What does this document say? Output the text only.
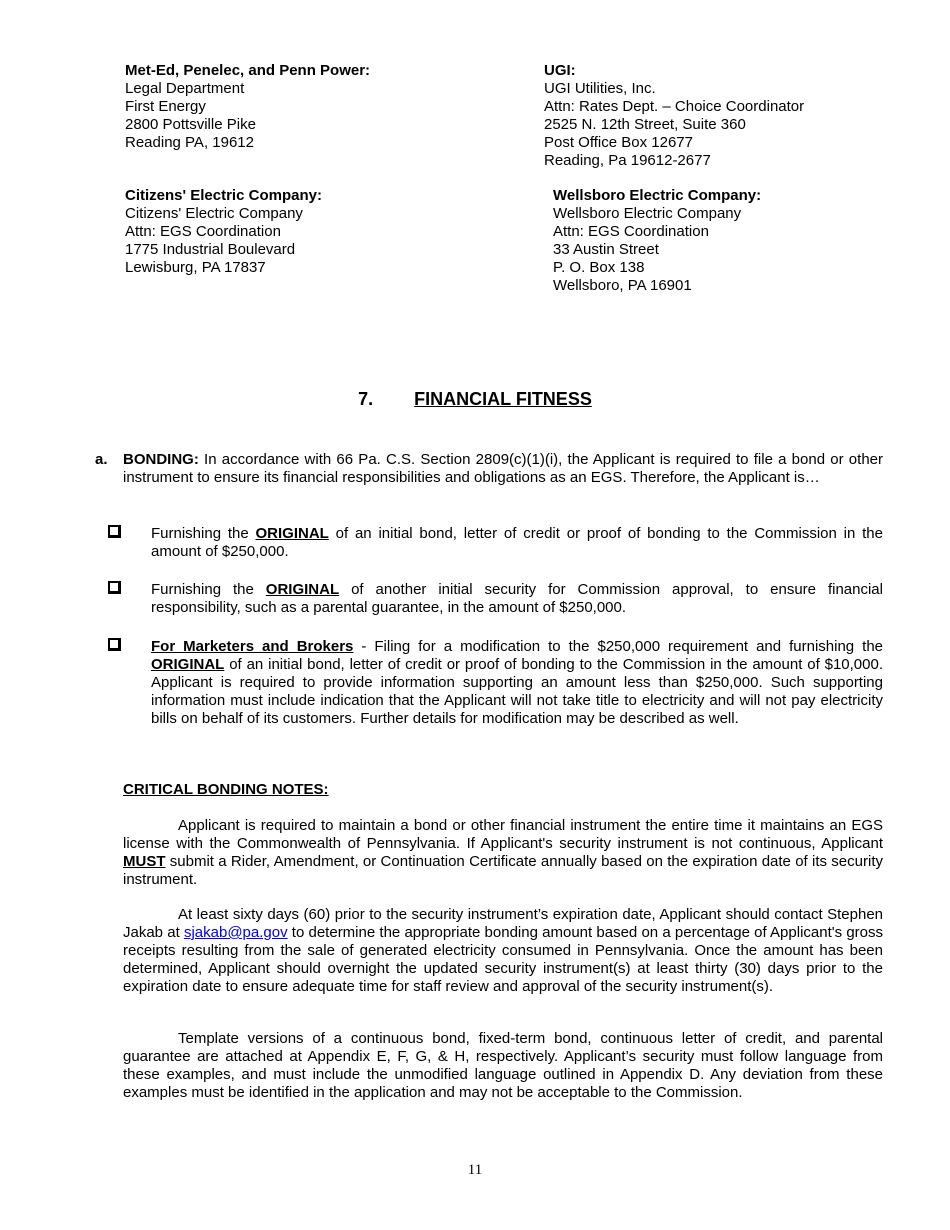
Met-Ed, Penelec, and Penn Power:
Legal Department
First Energy
2800 Pottsville Pike
Reading PA, 19612
UGI:
UGI Utilities, Inc.
Attn: Rates Dept. – Choice Coordinator
2525 N. 12th Street, Suite 360
Post Office Box 12677
Reading, Pa 19612-2677
Citizens' Electric Company:
Citizens' Electric Company
Attn: EGS Coordination
1775 Industrial Boulevard
Lewisburg, PA 17837
Wellsboro Electric Company:
Wellsboro Electric Company
Attn: EGS Coordination
33 Austin Street
P. O. Box 138
Wellsboro, PA 16901
7. FINANCIAL FITNESS
a. BONDING: In accordance with 66 Pa. C.S. Section 2809(c)(1)(i), the Applicant is required to file a bond or other instrument to ensure its financial responsibilities and obligations as an EGS. Therefore, the Applicant is…
Furnishing the ORIGINAL of an initial bond, letter of credit or proof of bonding to the Commission in the amount of $250,000.
Furnishing the ORIGINAL of another initial security for Commission approval, to ensure financial responsibility, such as a parental guarantee, in the amount of $250,000.
For Marketers and Brokers - Filing for a modification to the $250,000 requirement and furnishing the ORIGINAL of an initial bond, letter of credit or proof of bonding to the Commission in the amount of $10,000. Applicant is required to provide information supporting an amount less than $250,000. Such supporting information must include indication that the Applicant will not take title to electricity and will not pay electricity bills on behalf of its customers. Further details for modification may be described as well.
CRITICAL BONDING NOTES:
Applicant is required to maintain a bond or other financial instrument the entire time it maintains an EGS license with the Commonwealth of Pennsylvania. If Applicant's security instrument is not continuous, Applicant MUST submit a Rider, Amendment, or Continuation Certificate annually based on the expiration date of its security instrument.
At least sixty days (60) prior to the security instrument’s expiration date, Applicant should contact Stephen Jakab at sjakab@pa.gov to determine the appropriate bonding amount based on a percentage of Applicant's gross receipts resulting from the sale of generated electricity consumed in Pennsylvania. Once the amount has been determined, Applicant should overnight the updated security instrument(s) at least thirty (30) days prior to the expiration date to ensure adequate time for staff review and approval of the security instrument(s).
Template versions of a continuous bond, fixed-term bond, continuous letter of credit, and parental guarantee are attached at Appendix E, F, G, & H, respectively. Applicant’s security must follow language from these examples, and must include the unmodified language outlined in Appendix D. Any deviation from these examples must be identified in the application and may not be acceptable to the Commission.
11
